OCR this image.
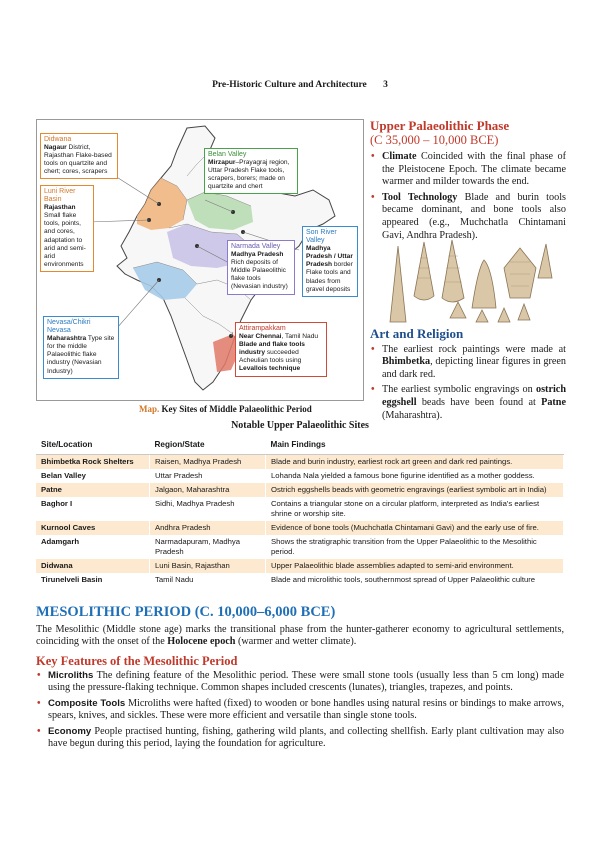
Pre-Historic Culture and Architecture 3
Didwana
Nagaur District, Rajasthan Flake-based tools on quartzite and chert; cores, scrapers
Luni River Basin
Rajasthan
Small flake tools, points, and cores, adaptation to arid and semi-arid environments
Belan Valley
Mirzapur–Prayagraj region, Uttar Pradesh Flake tools, scrapers, borers; made on quartzite and chert
Son River Valley
Madhya Pradesh / Uttar Pradesh border Flake tools and blades from gravel deposits
Narmada Valley
Madhya Pradesh Rich deposits of Middle Palaeolithic flake tools (Nevasian industry)
Nevasa/Chikri Nevasa
Maharashtra Type site for the middle Palaeolithic flake industry (Nevasian Industry)
Attirampakkam
Near Chennai, Tamil Nadu Blade and flake tools industry succeeded Acheulian tools using Levallois technique
Map. Key Sites of Middle Palaeolithic Period
Upper Palaeolithic Phase
(C 35,000 – 10,000 BCE)
• Climate Coincided with the final phase of the Pleistocene Epoch. The climate became warmer and milder towards the end.
• Tool Technology Blade and burin tools became dominant, and bone tools also appeared (e.g., Muchchatla Chintamani Gavi, Andhra Pradesh).
Art and Religion
• The earliest rock paintings were made at Bhimbetka, depicting linear figures in green and dark red.
• The earliest symbolic engravings on ostrich eggshell beads have been found at Patne (Maharashtra).
Notable Upper Palaeolithic Sites
Site/Location	Region/State	Main Findings
Bhimbetka Rock Shelters	Raisen, Madhya Pradesh	Blade and burin industry, earliest rock art green and dark red paintings.
Belan Valley	Uttar Pradesh	Lohanda Nala yielded a famous bone figurine identified as a mother goddess.
Patne	Jalgaon, Maharashtra	Ostrich eggshells beads with geometric engravings (earliest symbolic art in India)
Baghor I	Sidhi, Madhya Pradesh	Contains a triangular stone on a circular platform, interpreted as India's earliest shrine or worship site.
Kurnool Caves	Andhra Pradesh	Evidence of bone tools (Muchchatla Chintamani Gavi) and the early use of fire.
Adamgarh	Narmadapuram, Madhya Pradesh	Shows the stratigraphic transition from the Upper Palaeolithic to the Mesolithic period.
Didwana	Luni Basin, Rajasthan	Upper Palaeolithic blade assemblies adapted to semi-arid environment.
Tirunelveli Basin	Tamil Nadu	Blade and microlithic tools, southernmost spread of Upper Palaeolithic culture
MESOLITHIC PERIOD (C. 10,000–6,000 BCE)
The Mesolithic (Middle stone age) marks the transitional phase from the hunter-gatherer economy to agricultural settlements, coinciding with the onset of the Holocene epoch (warmer and wetter climate).
Key Features of the Mesolithic Period
• Microliths The defining feature of the Mesolithic period. These were small stone tools (usually less than 5 cm long) made using the pressure-flaking technique. Common shapes included crescents (lunates), triangles, trapezes, and points.
• Composite Tools Microliths were hafted (fixed) to wooden or bone handles using natural resins or bindings to make arrows, spears, knives, and sickles. These were more efficient and versatile than single stone tools.
• Economy People practised hunting, fishing, gathering wild plants, and collecting shellfish. Early plant cultivation may also have begun during this period, laying the foundation for agriculture.
